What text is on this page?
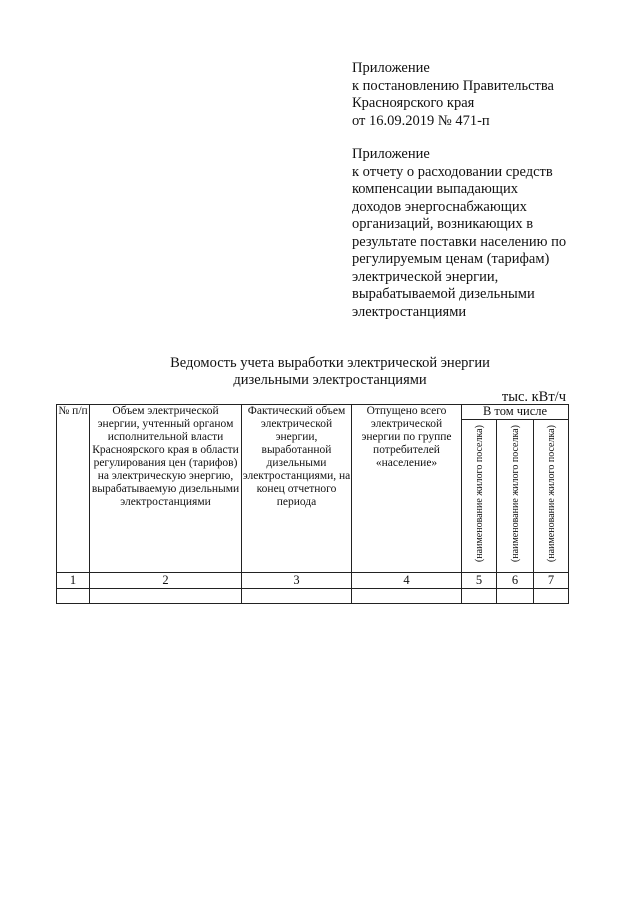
Приложение
к постановлению Правительства
Красноярского края
от 16.09.2019 № 471-п
Приложение
к отчету о расходовании средств
компенсации выпадающих
доходов энергоснабжающих
организаций, возникающих в
результате поставки населению по
регулируемым ценам (тарифам)
электрической энергии,
вырабатываемой дизельными
электростанциями
Ведомость учета выработки электрической энергии
дизельными электростанциями
тыс. кВт/ч
№ п/п	Объем электрической энергии, учтенный органом исполнительной власти Красноярского края в области регулирования цен (тарифов) на электрическую энергию, вырабатываемую дизельными электростанциями	Фактический объем электрической энергии, выработанной дизельными электростанциями, на конец отчетного периода	Отпущено всего электрической энергии по группе потребителей «население»	В том числе		
				(наименование жилого поселка)	(наименование жилого поселка)	(наименование жилого поселка)
1	2	3	4	5	6	7
